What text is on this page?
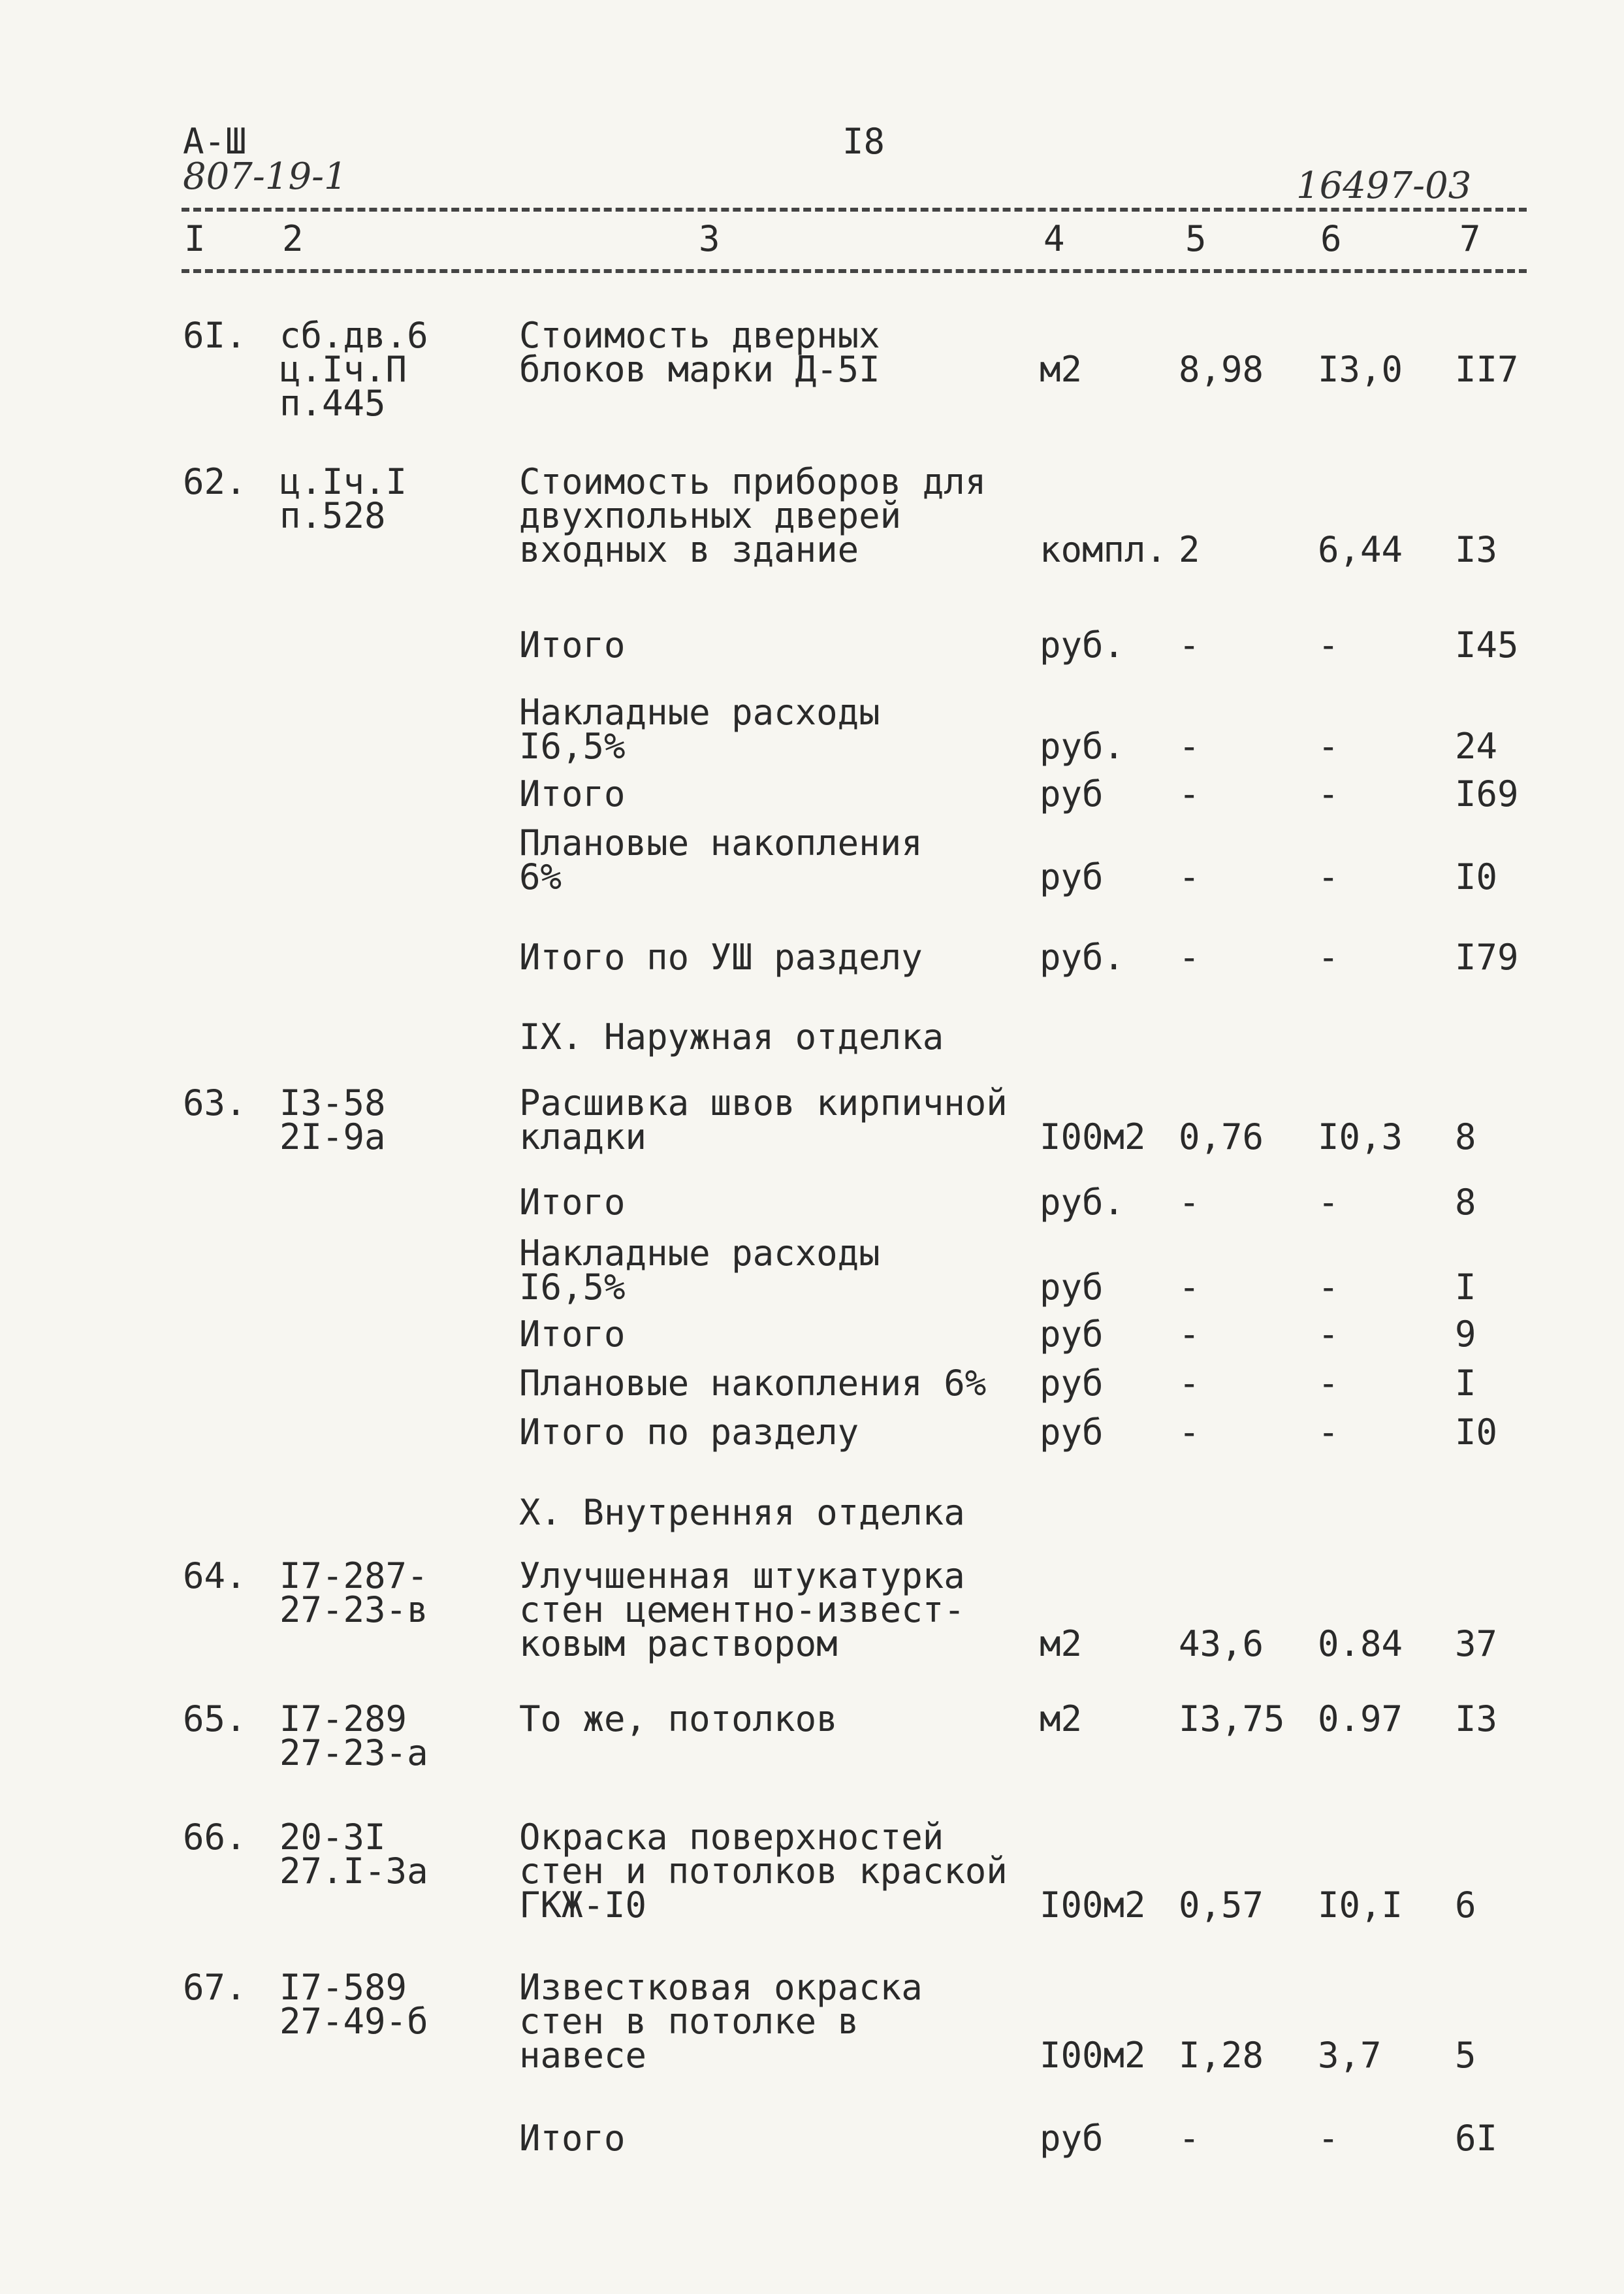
А-Ш
807-19-1
I8
16497-03
I 2	3	4	5	6	7
6I. сб.дв.6
ц.Iч.П
п.445
Стоимость дверных
блоков марки Д-5I	м2	8,98 I3,0 II7
62. ц.Iч.I
п.528
Стоимость приборов для
двухпольных дверей
входных в здание	компл. 2	6,44 I3
Итого	руб. -	-	I45
Накладные расходы
I6,5%	руб. -	-	24
Итого	руб -	-	I69
Плановые накопления
6%	руб -	-	I0
Итого по УШ разделу	руб. -	-	I79
IX. Наружная отделка
63. I3-58
2I-9а
Расшивка швов кирпичной
кладки	I00м2 0,76 I0,3 8
Итого	руб. -	-	8
Накладные расходы
I6,5%	руб -	-	I
Итого	руб -	-	9
Плановые накопления 6% руб -	-	I
Итого по разделу	руб -	-	I0
Х. Внутренняя отделка
64. I7-287-
27-23-в
Улучшенная штукатурка
стен цементно-извест-
ковым раствором	м2	43,6 0.84 37
65. I7-289
27-23-а
То же, потолков	м2	I3,75 0.97 I3
66. 20-3I
27.I-3а
Окраска поверхностей
стен и потолков краской
ГКЖ-I0	I00м2 0,57 I0,I 6
67. I7-589
27-49-б
Известковая окраска
стен в потолке в
навесе	I00м2 I,28 3,7 5
Итого	руб -	-	6I
